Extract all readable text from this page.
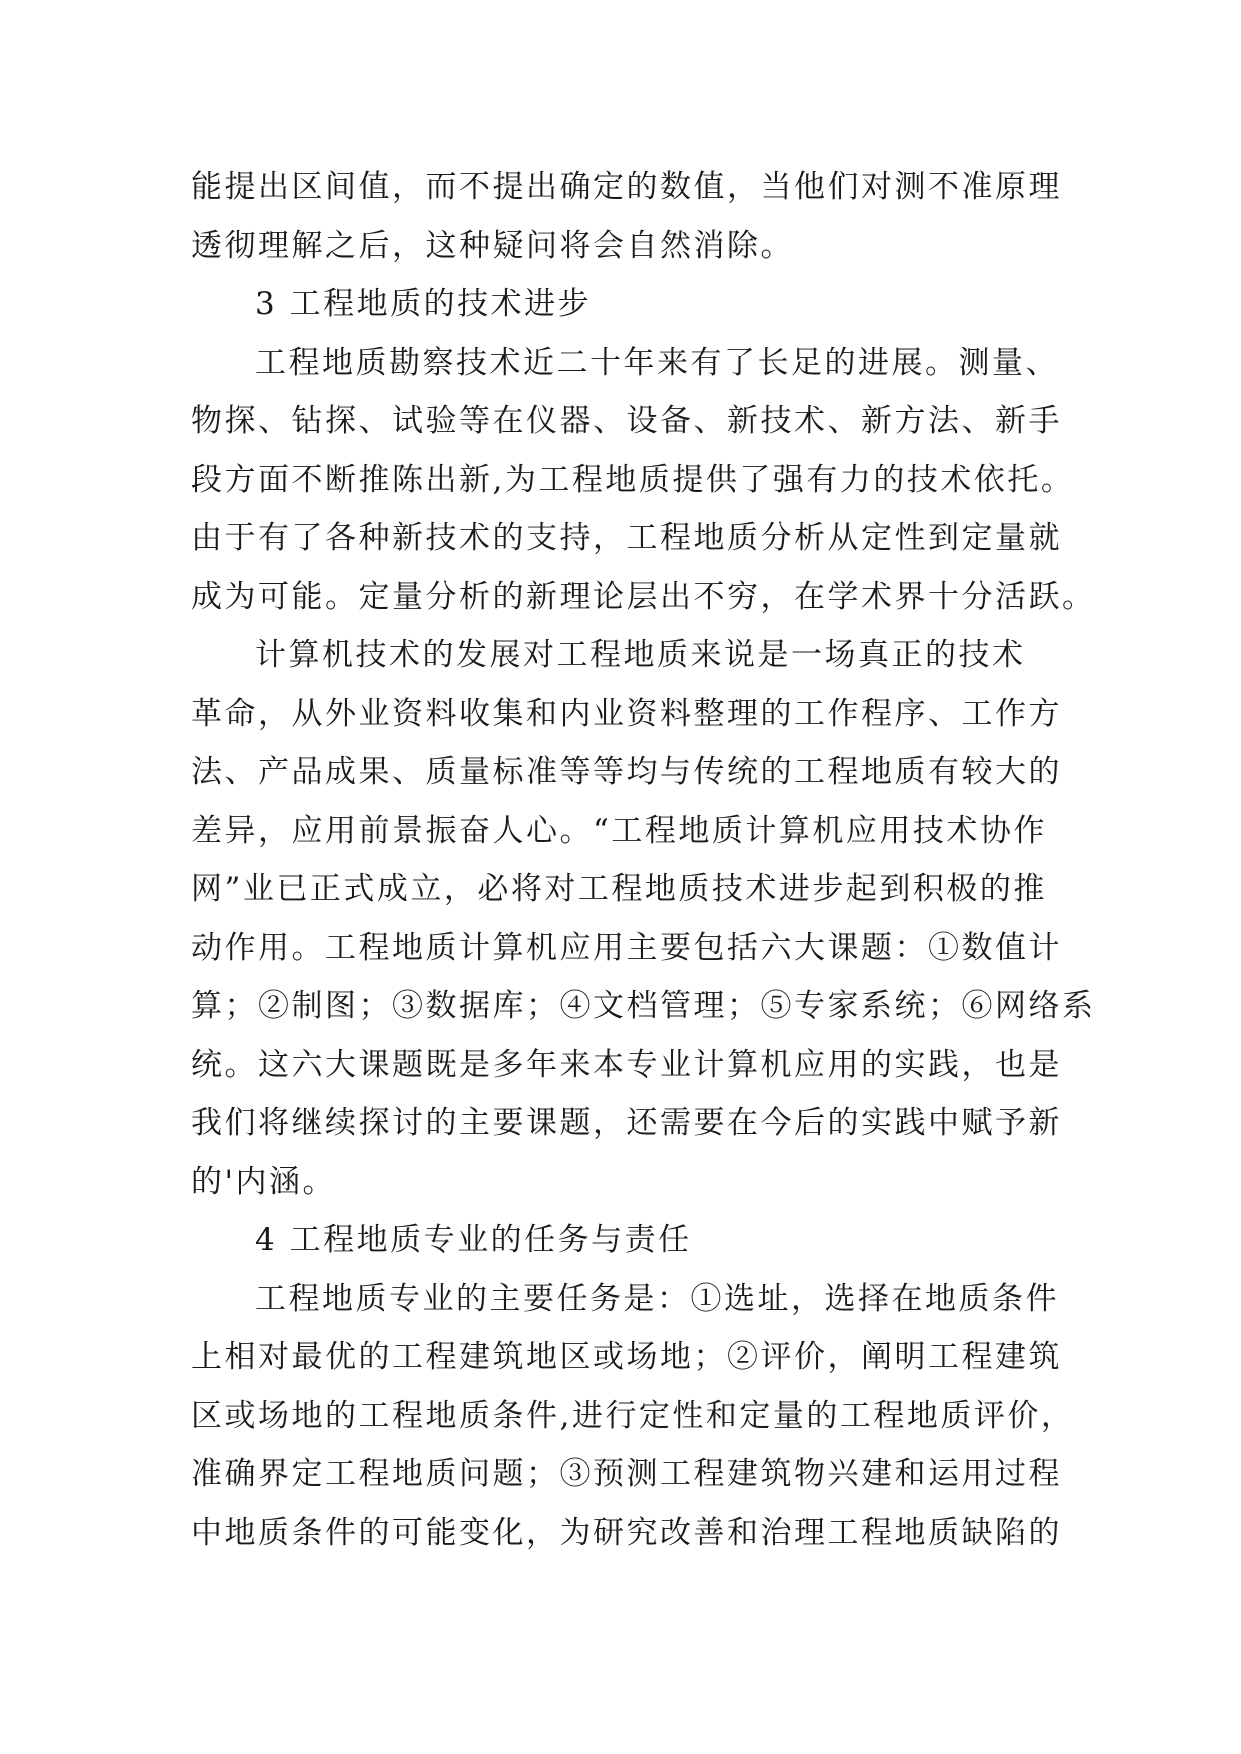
能提出区间值，而不提出确定的数值，当他们对测不准原理
透彻理解之后，这种疑问将会自然消除。
3 工程地质的技术进步
工程地质勘察技术近二十年来有了长足的进展。测量、
物探、钻探、试验等在仪器、设备、新技术、新方法、新手
段方面不断推陈出新,为工程地质提供了强有力的技术依托。
由于有了各种新技术的支持，工程地质分析从定性到定量就
成为可能。定量分析的新理论层出不穷，在学术界十分活跃。
计算机技术的发展对工程地质来说是一场真正的技术
革命，从外业资料收集和内业资料整理的工作程序、工作方
法、产品成果、质量标准等等均与传统的工程地质有较大的
差异，应用前景振奋人心。“工程地质计算机应用技术协作
网”业已正式成立，必将对工程地质技术进步起到积极的推
动作用。工程地质计算机应用主要包括六大课题：①数值计
算；②制图；③数据库；④文档管理；⑤专家系统；⑥网络系
统。这六大课题既是多年来本专业计算机应用的实践，也是
我们将继续探讨的主要课题，还需要在今后的实践中赋予新
的'内涵。
4 工程地质专业的任务与责任
工程地质专业的主要任务是：①选址，选择在地质条件
上相对最优的工程建筑地区或场地；②评价，阐明工程建筑
区或场地的工程地质条件,进行定性和定量的工程地质评价，
准确界定工程地质问题；③预测工程建筑物兴建和运用过程
中地质条件的可能变化，为研究改善和治理工程地质缺陷的
